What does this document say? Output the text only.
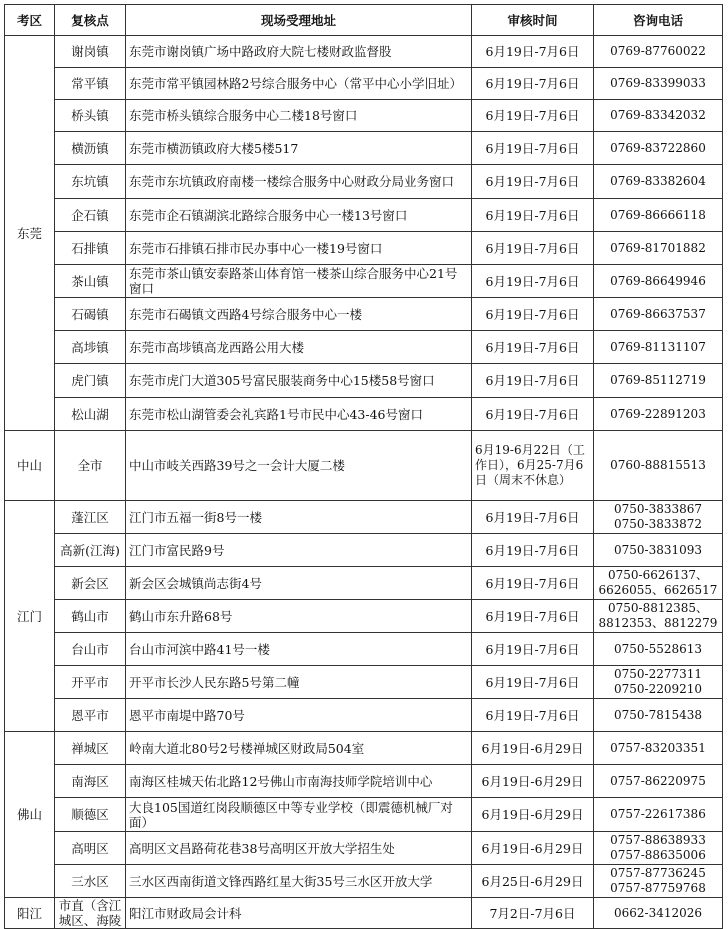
考区	复核点	现场受理地址	审核时间	咨询电话
东莞	谢岗镇	东莞市谢岗镇广场中路政府大院七楼财政监督股	6月19日-7月6日	0769-87760022
	常平镇	东莞市常平镇园林路2号综合服务中心（常平中心小学旧址）	6月19日-7月6日	0769-83399033
	桥头镇	东莞市桥头镇综合服务中心二楼18号窗口	6月19日-7月6日	0769-83342032
	横沥镇	东莞市横沥镇政府大楼5楼517	6月19日-7月6日	0769-83722860
	东坑镇	东莞市东坑镇政府南楼一楼综合服务中心财政分局业务窗口	6月19日-7月6日	0769-83382604
	企石镇	东莞市企石镇湖滨北路综合服务中心一楼13号窗口	6月19日-7月6日	0769-86666118
	石排镇	东莞市石排镇石排市民办事中心一楼19号窗口	6月19日-7月6日	0769-81701882
	茶山镇	东莞市茶山镇安泰路茶山体育馆一楼茶山综合服务中心21号窗口	6月19日-7月6日	0769-86649946
	石碣镇	东莞市石碣镇文西路4号综合服务中心一楼	6月19日-7月6日	0769-86637537
	高埗镇	东莞市高埗镇高龙西路公用大楼	6月19日-7月6日	0769-81131107
	虎门镇	东莞市虎门大道305号富民服装商务中心15楼58号窗口	6月19日-7月6日	0769-85112719
	松山湖	东莞市松山湖管委会礼宾路1号市民中心43-46号窗口	6月19日-7月6日	0769-22891203
中山	全市	中山市岐关西路39号之一会计大厦二楼	6月19-6月22日（工作日），6月25-7月6日（周末不休息）	0760-88815513
江门	蓬江区	江门市五福一街8号一楼	6月19日-7月6日	0750-3833867
0750-3833872
	高新(江海)	江门市富民路9号	6月19日-7月6日	0750-3831093
	新会区	新会区会城镇尚志街4号	6月19日-7月6日	0750-6626137、
6626055、6626517
	鹤山市	鹤山市东升路68号	6月19日-7月6日	0750-8812385、
8812353、8812279
	台山市	台山市河滨中路41号一楼	6月19日-7月6日	0750-5528613
	开平市	开平市长沙人民东路5号第二幢	6月19日-7月6日	0750-2277311
0750-2209210
	恩平市	恩平市南堤中路70号	6月19日-7月6日	0750-7815438
佛山	禅城区	岭南大道北80号2号楼禅城区财政局504室	6月19日-6月29日	0757-83203351
	南海区	南海区桂城天佑北路12号佛山市南海技师学院培训中心	6月19日-6月29日	0757-86220975
	顺德区	大良105国道红岗段顺德区中等专业学校（即震德机械厂对面）	6月19日-6月29日	0757-22617386
	高明区	高明区文昌路荷花巷38号高明区开放大学招生处	6月19日-6月29日	0757-88638933
0757-88635006
	三水区	三水区西南街道文锋西路红星大街35号三水区开放大学	6月25日-6月29日	0757-87736245
0757-87759768
阳江	市直（含江城区、海陵	阳江市财政局会计科	7月2日-7月6日	0662-3412026
